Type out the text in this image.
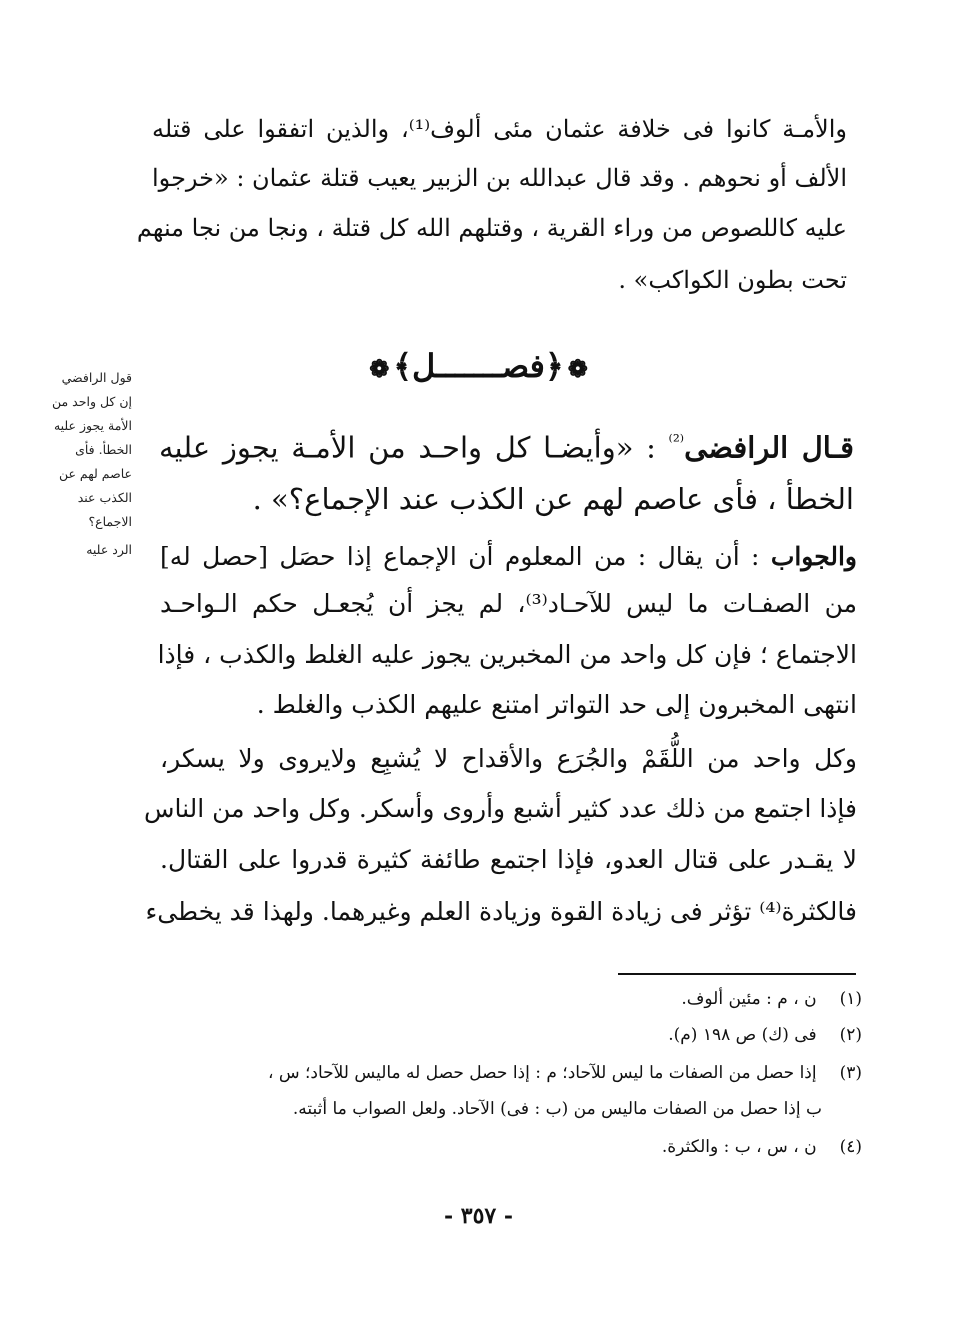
والأمـة كانوا فى خلافة عثمان مئى ألوف⁽¹⁾، والذين اتفقوا على قتله
الألف أو نحوهم . وقد قال عبدالله بن الزبير يعيب قتلة عثمان : «خرجوا
عليه كاللصوص من وراء القرية ، وقتلهم الله كل قتلة ، ونجا من نجا منهم
تحت بطون الكواكب» .
❁﴿فصـــــــل﴾❁
قول الرافضي
إن كل واحد من
الأمة يجوز عليه
الخطأ. فأى
عاصم لهم عن
الكذب عند
الاجماع؟
الرد عليه
قـال الرافضى$^{^{(2)}}$ : «وأيضـا كل واحـد من الأمـة يجوز عليه
الخطأ ، فأى عاصم لهم عن الكذب عند الإجماع؟» .
والجواب : أن يقال : من المعلوم أن الإجماع إذا حصَل [حصل له]
من الصفـات ما ليس للآحـاد⁽³⁾، لم يجز أن يُجعـل حكم الـواحـد
الاجتماع ؛ فإن كل واحد من المخبرين يجوز عليه الغلط والكذب ، فإذا
انتهى المخبرون إلى حد التواتر امتنع عليهم الكذب والغلط .
وكل واحد من اللُّقَمْ والجُرَع والأقداح لا يُشبِع ولايروى ولا يسكر،
فإذا اجتمع من ذلك عدد كثير أشبع وأروى وأسكر. وكل واحد من الناس
لا يقـدر على قتال العدو، فإذا اجتمع طائفة كثيرة قدروا على القتال.
فالكثرة⁽⁴⁾ تؤثر فى زيادة القوة وزيادة العلم وغيرهما. ولهذا قد يخطىء
(١) ن ، م : مئين ألوف.
(٢) فى (ك) ص ١٩٨ (م).
(٣) إذا حصل من الصفات ما ليس للآحاد؛ م : إذا حصل حصل له ماليس للآحاد؛ س ،
ب إذا حصل من الصفات ماليس من (ب : فى) الآحاد. ولعل الصواب ما أثبته.
(٤) ن ، س ، ب : والكثرة.
- ٣٥٧ -
